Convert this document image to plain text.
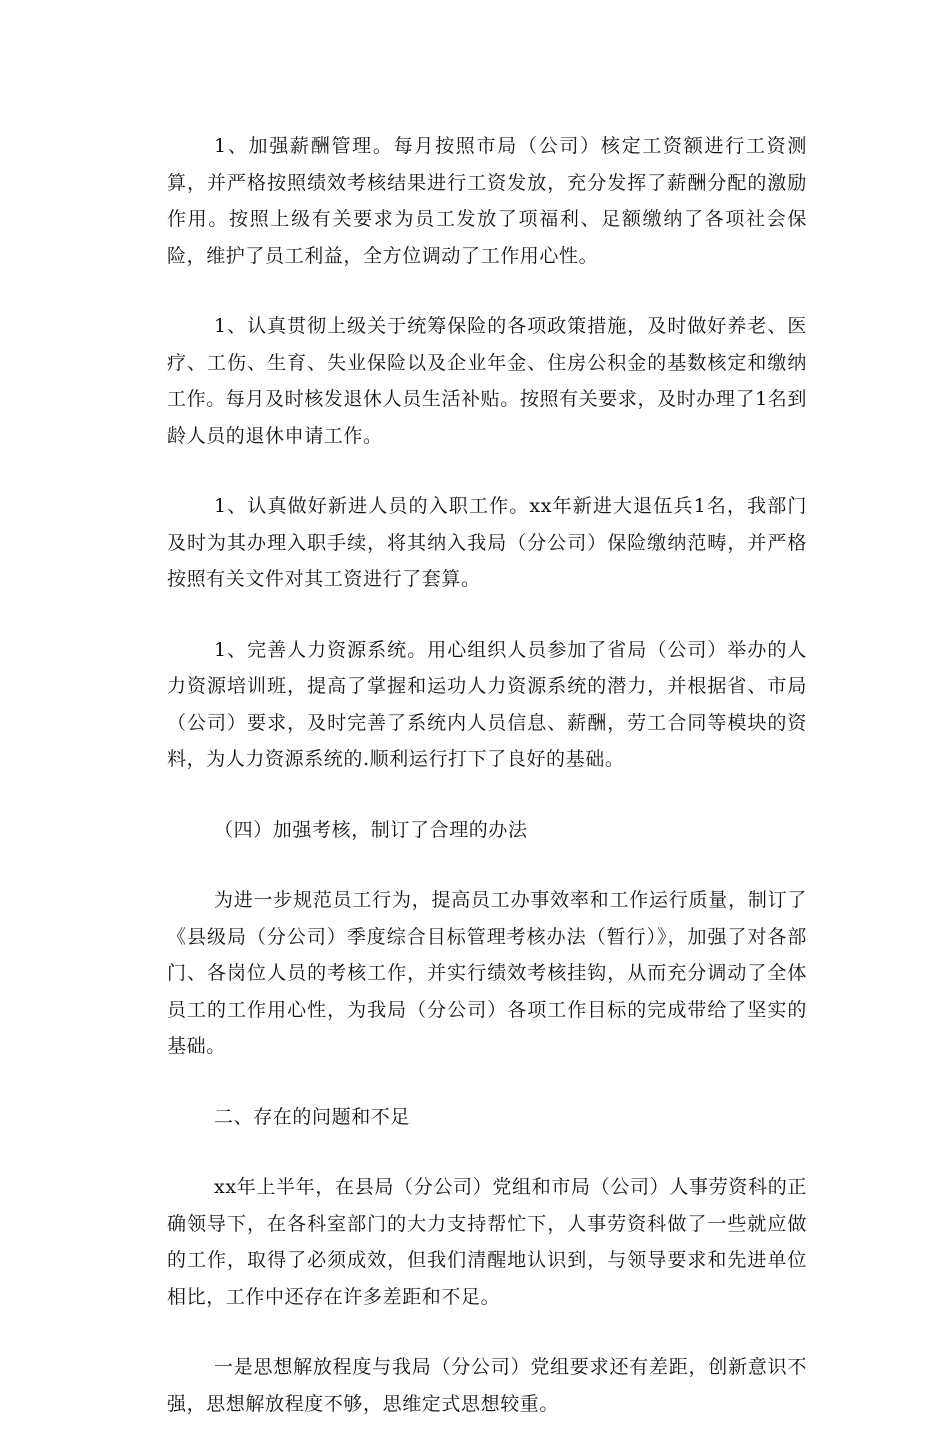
1、加强薪酬管理。每月按照市局（公司）核定工资额进行工资测算，并严格按照绩效考核结果进行工资发放，充分发挥了薪酬分配的激励作用。按照上级有关要求为员工发放了项福利、足额缴纳了各项社会保险，维护了员工利益，全方位调动了工作用心性。

1、认真贯彻上级关于统筹保险的各项政策措施，及时做好养老、医疗、工伤、生育、失业保险以及企业年金、住房公积金的基数核定和缴纳工作。每月及时核发退休人员生活补贴。按照有关要求，及时办理了1名到龄人员的退休申请工作。

1、认真做好新进人员的入职工作。xx年新进大退伍兵1名，我部门及时为其办理入职手续，将其纳入我局（分公司）保险缴纳范畴，并严格按照有关文件对其工资进行了套算。

1、完善人力资源系统。用心组织人员参加了省局（公司）举办的人力资源培训班，提高了掌握和运功人力资源系统的潜力，并根据省、市局（公司）要求，及时完善了系统内人员信息、薪酬，劳工合同等模块的资料，为人力资源系统的.顺利运行打下了良好的基础。

（四）加强考核，制订了合理的办法

为进一步规范员工行为，提高员工办事效率和工作运行质量，制订了《县级局（分公司）季度综合目标管理考核办法（暂行）》，加强了对各部门、各岗位人员的考核工作，并实行绩效考核挂钩，从而充分调动了全体员工的工作用心性，为我局（分公司）各项工作目标的完成带给了坚实的基础。

二、存在的问题和不足

xx年上半年，在县局（分公司）党组和市局（公司）人事劳资科的正确领导下，在各科室部门的大力支持帮忙下，人事劳资科做了一些就应做的工作，取得了必须成效，但我们清醒地认识到，与领导要求和先进单位相比，工作中还存在许多差距和不足。

一是思想解放程度与我局（分公司）党组要求还有差距，创新意识不强，思想解放程度不够，思维定式思想较重。
